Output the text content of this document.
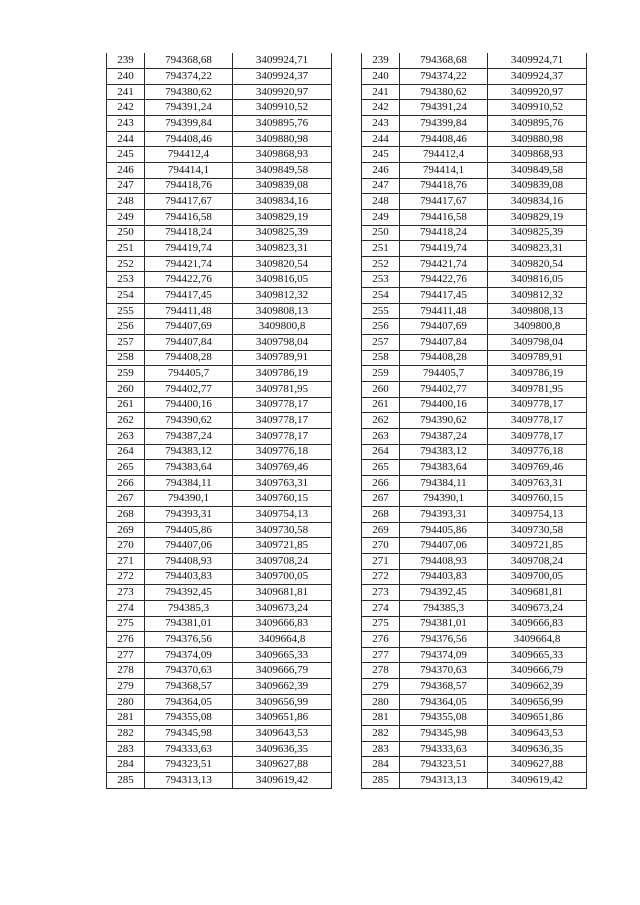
239	794368,68	3409924,71
240	794374,22	3409924,37
241	794380,62	3409920,97
242	794391,24	3409910,52
243	794399,84	3409895,76
244	794408,46	3409880,98
245	794412,4	3409868,93
246	794414,1	3409849,58
247	794418,76	3409839,08
248	794417,67	3409834,16
249	794416,58	3409829,19
250	794418,24	3409825,39
251	794419,74	3409823,31
252	794421,74	3409820,54
253	794422,76	3409816,05
254	794417,45	3409812,32
255	794411,48	3409808,13
256	794407,69	3409800,8
257	794407,84	3409798,04
258	794408,28	3409789,91
259	794405,7	3409786,19
260	794402,77	3409781,95
261	794400,16	3409778,17
262	794390,62	3409778,17
263	794387,24	3409778,17
264	794383,12	3409776,18
265	794383,64	3409769,46
266	794384,11	3409763,31
267	794390,1	3409760,15
268	794393,31	3409754,13
269	794405,86	3409730,58
270	794407,06	3409721,85
271	794408,93	3409708,24
272	794403,83	3409700,05
273	794392,45	3409681,81
274	794385,3	3409673,24
275	794381,01	3409666,83
276	794376,56	3409664,8
277	794374,09	3409665,33
278	794370,63	3409666,79
279	794368,57	3409662,39
280	794364,05	3409656,99
281	794355,08	3409651,86
282	794345,98	3409643,53
283	794333,63	3409636,35
284	794323,51	3409627,88
285	794313,13	3409619,42
239	794368,68	3409924,71
240	794374,22	3409924,37
241	794380,62	3409920,97
242	794391,24	3409910,52
243	794399,84	3409895,76
244	794408,46	3409880,98
245	794412,4	3409868,93
246	794414,1	3409849,58
247	794418,76	3409839,08
248	794417,67	3409834,16
249	794416,58	3409829,19
250	794418,24	3409825,39
251	794419,74	3409823,31
252	794421,74	3409820,54
253	794422,76	3409816,05
254	794417,45	3409812,32
255	794411,48	3409808,13
256	794407,69	3409800,8
257	794407,84	3409798,04
258	794408,28	3409789,91
259	794405,7	3409786,19
260	794402,77	3409781,95
261	794400,16	3409778,17
262	794390,62	3409778,17
263	794387,24	3409778,17
264	794383,12	3409776,18
265	794383,64	3409769,46
266	794384,11	3409763,31
267	794390,1	3409760,15
268	794393,31	3409754,13
269	794405,86	3409730,58
270	794407,06	3409721,85
271	794408,93	3409708,24
272	794403,83	3409700,05
273	794392,45	3409681,81
274	794385,3	3409673,24
275	794381,01	3409666,83
276	794376,56	3409664,8
277	794374,09	3409665,33
278	794370,63	3409666,79
279	794368,57	3409662,39
280	794364,05	3409656,99
281	794355,08	3409651,86
282	794345,98	3409643,53
283	794333,63	3409636,35
284	794323,51	3409627,88
285	794313,13	3409619,42
